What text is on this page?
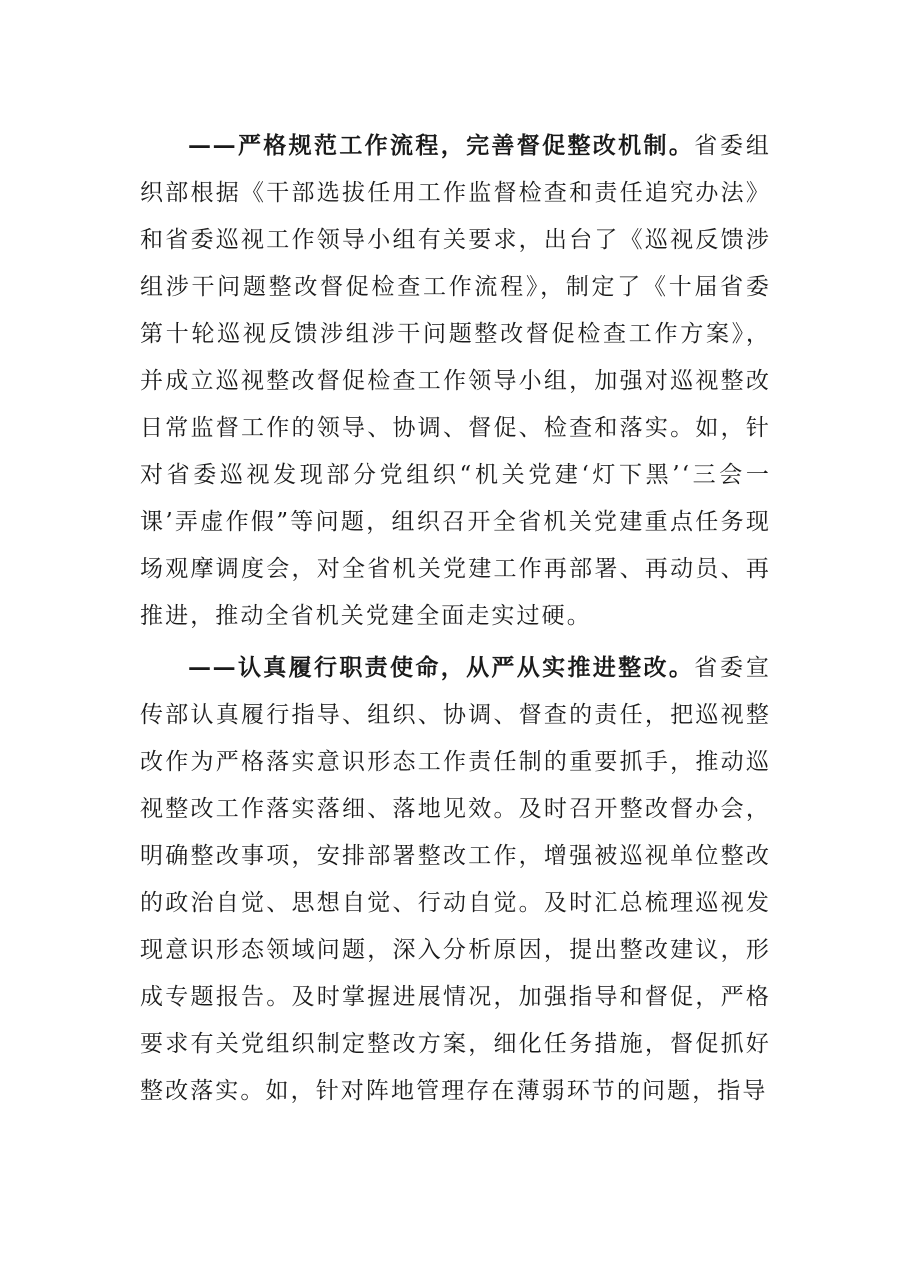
——严格规范工作流程，完善督促整改机制。省委组织部根据《干部选拔任用工作监督检查和责任追究办法》和省委巡视工作领导小组有关要求，出台了《巡视反馈涉组涉干问题整改督促检查工作流程》，制定了《十届省委第十轮巡视反馈涉组涉干问题整改督促检查工作方案》，并成立巡视整改督促检查工作领导小组，加强对巡视整改日常监督工作的领导、协调、督促、检查和落实。如，针对省委巡视发现部分党组织“机关党建‘灯下黑’‘三会一课’弄虚作假”等问题，组织召开全省机关党建重点任务现场观摩调度会，对全省机关党建工作再部署、再动员、再推进，推动全省机关党建全面走实过硬。

——认真履行职责使命，从严从实推进整改。省委宣传部认真履行指导、组织、协调、督查的责任，把巡视整改作为严格落实意识形态工作责任制的重要抓手，推动巡视整改工作落实落细、落地见效。及时召开整改督办会，明确整改事项，安排部署整改工作，增强被巡视单位整改的政治自觉、思想自觉、行动自觉。及时汇总梳理巡视发现意识形态领域问题，深入分析原因，提出整改建议，形成专题报告。及时掌握进展情况，加强指导和督促，严格要求有关党组织制定整改方案，细化任务措施，督促抓好整改落实。如，针对阵地管理存在薄弱环节的问题，指导
